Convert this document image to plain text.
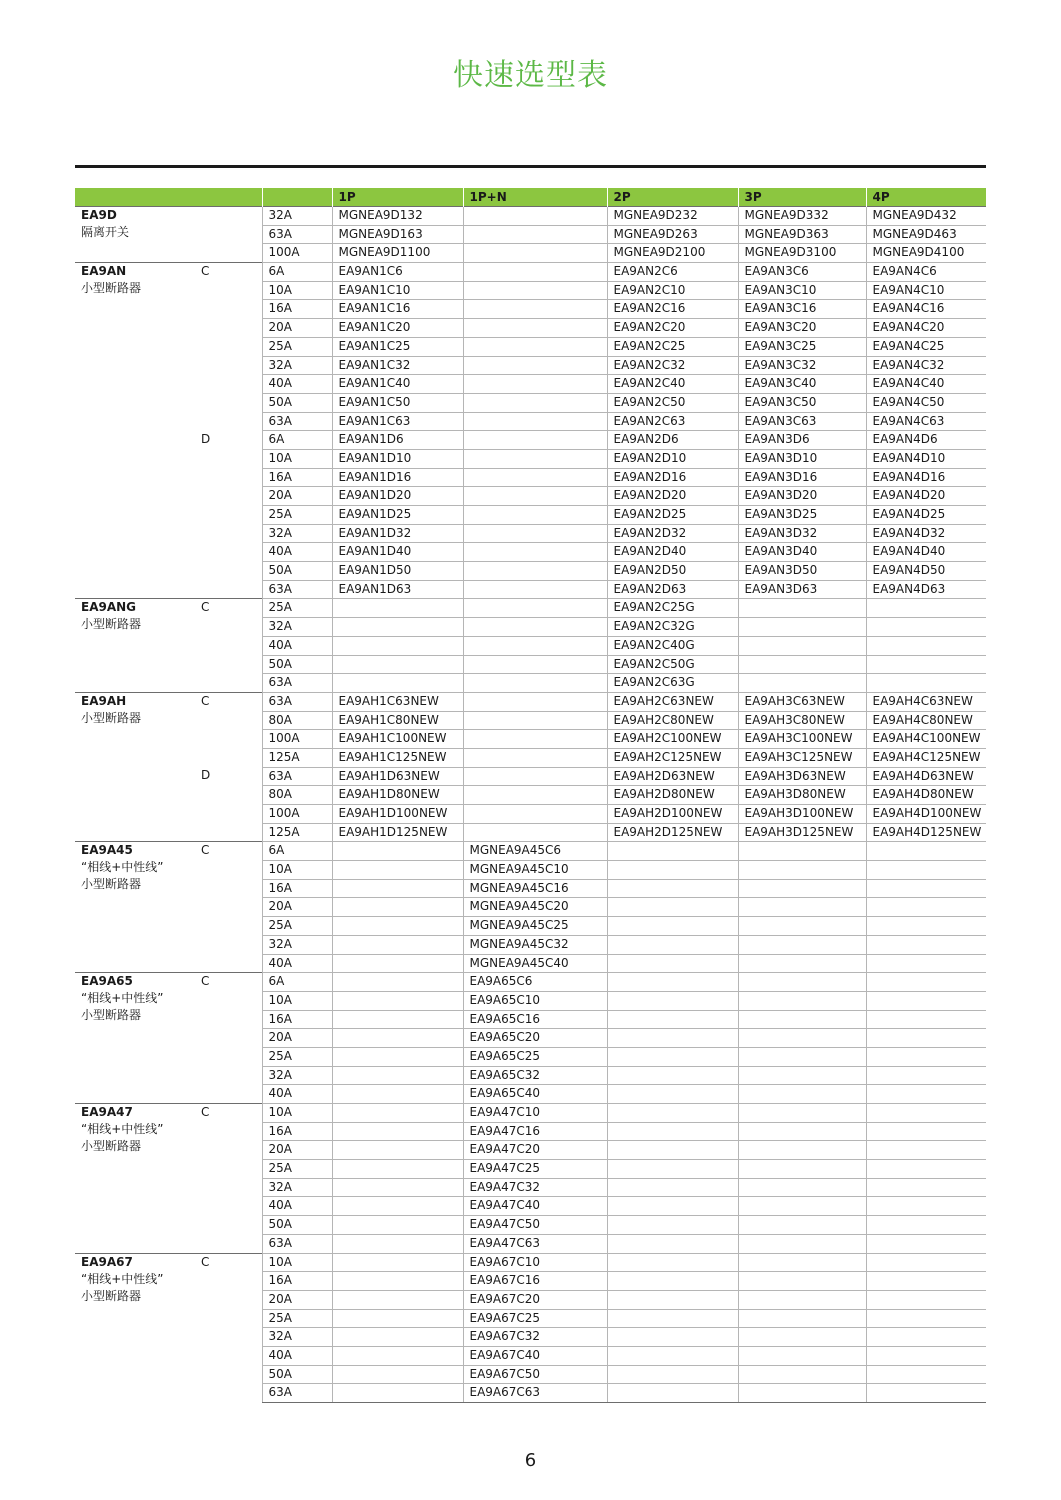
快速选型表
			1P	1P+N	2P	3P	4P

EA9D
隔离开关		32A	MGNEA9D132		MGNEA9D232	MGNEA9D332	MGNEA9D432
		63A	MGNEA9D163		MGNEA9D263	MGNEA9D363	MGNEA9D463
		100A	MGNEA9D1100		MGNEA9D2100	MGNEA9D3100	MGNEA9D4100

EA9AN
小型断路器	C	6A	EA9AN1C6		EA9AN2C6	EA9AN3C6	EA9AN4C6
		10A	EA9AN1C10		EA9AN2C10	EA9AN3C10	EA9AN4C10
		16A	EA9AN1C16		EA9AN2C16	EA9AN3C16	EA9AN4C16
		20A	EA9AN1C20		EA9AN2C20	EA9AN3C20	EA9AN4C20
		25A	EA9AN1C25		EA9AN2C25	EA9AN3C25	EA9AN4C25
		32A	EA9AN1C32		EA9AN2C32	EA9AN3C32	EA9AN4C32
		40A	EA9AN1C40		EA9AN2C40	EA9AN3C40	EA9AN4C40
		50A	EA9AN1C50		EA9AN2C50	EA9AN3C50	EA9AN4C50
		63A	EA9AN1C63		EA9AN2C63	EA9AN3C63	EA9AN4C63
	D	6A	EA9AN1D6		EA9AN2D6	EA9AN3D6	EA9AN4D6
		10A	EA9AN1D10		EA9AN2D10	EA9AN3D10	EA9AN4D10
		16A	EA9AN1D16		EA9AN2D16	EA9AN3D16	EA9AN4D16
		20A	EA9AN1D20		EA9AN2D20	EA9AN3D20	EA9AN4D20
		25A	EA9AN1D25		EA9AN2D25	EA9AN3D25	EA9AN4D25
		32A	EA9AN1D32		EA9AN2D32	EA9AN3D32	EA9AN4D32
		40A	EA9AN1D40		EA9AN2D40	EA9AN3D40	EA9AN4D40
		50A	EA9AN1D50		EA9AN2D50	EA9AN3D50	EA9AN4D50
		63A	EA9AN1D63		EA9AN2D63	EA9AN3D63	EA9AN4D63

EA9ANG
小型断路器	C	25A			EA9AN2C25G		
		32A			EA9AN2C32G		
		40A			EA9AN2C40G		
		50A			EA9AN2C50G		
		63A			EA9AN2C63G		

EA9AH
小型断路器	C	63A	EA9AH1C63NEW		EA9AH2C63NEW	EA9AH3C63NEW	EA9AH4C63NEW
		80A	EA9AH1C80NEW		EA9AH2C80NEW	EA9AH3C80NEW	EA9AH4C80NEW
		100A	EA9AH1C100NEW		EA9AH2C100NEW	EA9AH3C100NEW	EA9AH4C100NEW
		125A	EA9AH1C125NEW		EA9AH2C125NEW	EA9AH3C125NEW	EA9AH4C125NEW
	D	63A	EA9AH1D63NEW		EA9AH2D63NEW	EA9AH3D63NEW	EA9AH4D63NEW
		80A	EA9AH1D80NEW		EA9AH2D80NEW	EA9AH3D80NEW	EA9AH4D80NEW
		100A	EA9AH1D100NEW		EA9AH2D100NEW	EA9AH3D100NEW	EA9AH4D100NEW
		125A	EA9AH1D125NEW		EA9AH2D125NEW	EA9AH3D125NEW	EA9AH4D125NEW

EA9A45
“相线+中性线”
小型断路器	C	6A		MGNEA9A45C6			
		10A		MGNEA9A45C10			
		16A		MGNEA9A45C16			
		20A		MGNEA9A45C20			
		25A		MGNEA9A45C25			
		32A		MGNEA9A45C32			
		40A		MGNEA9A45C40			

EA9A65
“相线+中性线”
小型断路器	C	6A		EA9A65C6			
		10A		EA9A65C10			
		16A		EA9A65C16			
		20A		EA9A65C20			
		25A		EA9A65C25			
		32A		EA9A65C32			
		40A		EA9A65C40			

EA9A47
“相线+中性线”
小型断路器	C	10A		EA9A47C10			
		16A		EA9A47C16			
		20A		EA9A47C20			
		25A		EA9A47C25			
		32A		EA9A47C32			
		40A		EA9A47C40			
		50A		EA9A47C50			
		63A		EA9A47C63			

EA9A67
“相线+中性线”
小型断路器	C	10A		EA9A67C10			
		16A		EA9A67C16			
		20A		EA9A67C20			
		25A		EA9A67C25			
		32A		EA9A67C32			
		40A		EA9A67C40			
		50A		EA9A67C50			
		63A		EA9A67C63			
6
